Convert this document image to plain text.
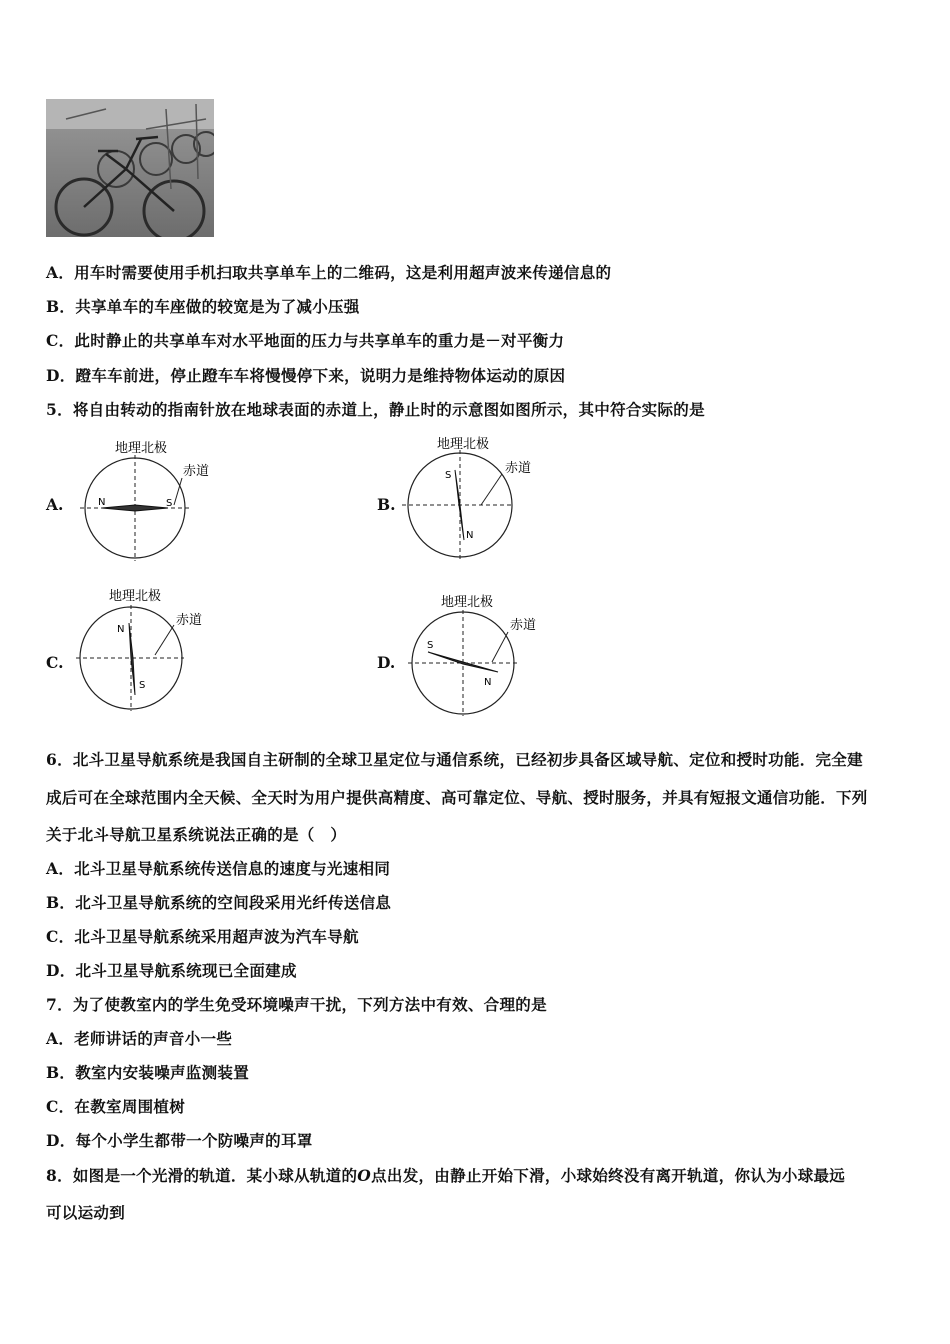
A．用车时需要使用手机扫取共享单车上的二维码，这是利用超声波来传递信息的
B．共享单车的车座做的较宽是为了减小压强
C．此时静止的共享单车对水平地面的压力与共享单车的重力是－对平衡力
D．蹬车车前进，停止蹬车车将慢慢停下来，说明力是维持物体运动的原因
5．将自由转动的指南针放在地球表面的赤道上，静止时的示意图如图所示，其中符合实际的是
A.
地理北极
N	S
赤道
B.
地理北极
S
N
赤道
C.
地理北极
N
S
赤道
D.
地理北极
S
N
赤道
6．北斗卫星导航系统是我国自主研制的全球卫星定位与通信系统，已经初步具备区域导航、定位和授时功能．完全建
成后可在全球范围内全天候、全天时为用户提供高精度、高可靠定位、导航、授时服务，并具有短报文通信功能．下列
关于北斗导航卫星系统说法正确的是（　）
A．北斗卫星导航系统传送信息的速度与光速相同
B．北斗卫星导航系统的空间段采用光纤传送信息
C．北斗卫星导航系统采用超声波为汽车导航
D．北斗卫星导航系统现已全面建成
7．为了使教室内的学生免受环境噪声干扰，下列方法中有效、合理的是
A．老师讲话的声音小一些
B．教室内安装噪声监测装置
C．在教室周围植树
D．每个小学生都带一个防噪声的耳罩
8．如图是一个光滑的轨道．某小球从轨道的O点出发，由静止开始下滑，小球始终没有离开轨道，你认为小球最远
可以运动到
